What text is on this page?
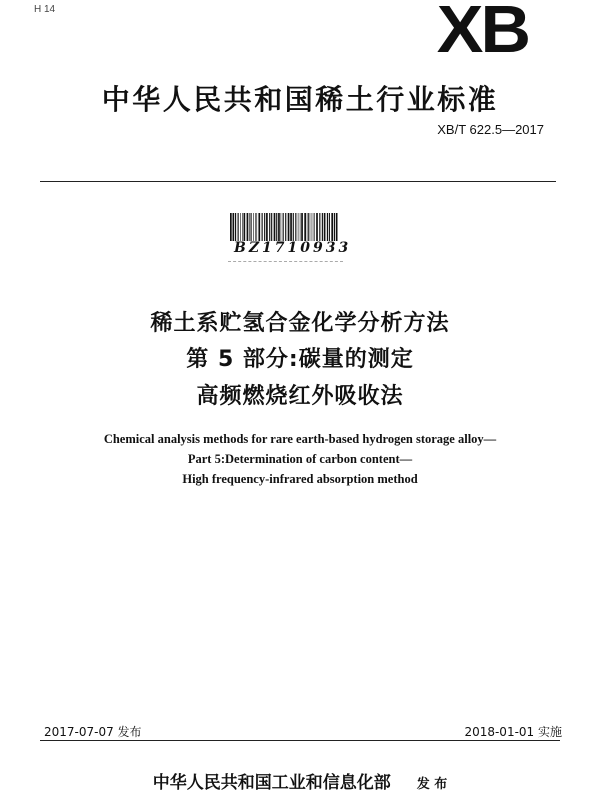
H 14	XB
中华人民共和国稀土行业标准
XB/T 622.5—2017
BZ1710933
稀土系贮氢合金化学分析方法
第 5 部分:碳量的测定
高频燃烧红外吸收法
Chemical analysis methods for rare earth-based hydrogen storage alloy—
Part 5:Determination of carbon content—
High frequency-infrared absorption method
2017-07-07 发布	2018-01-01 实施
中华人民共和国工业和信息化部 发 布
